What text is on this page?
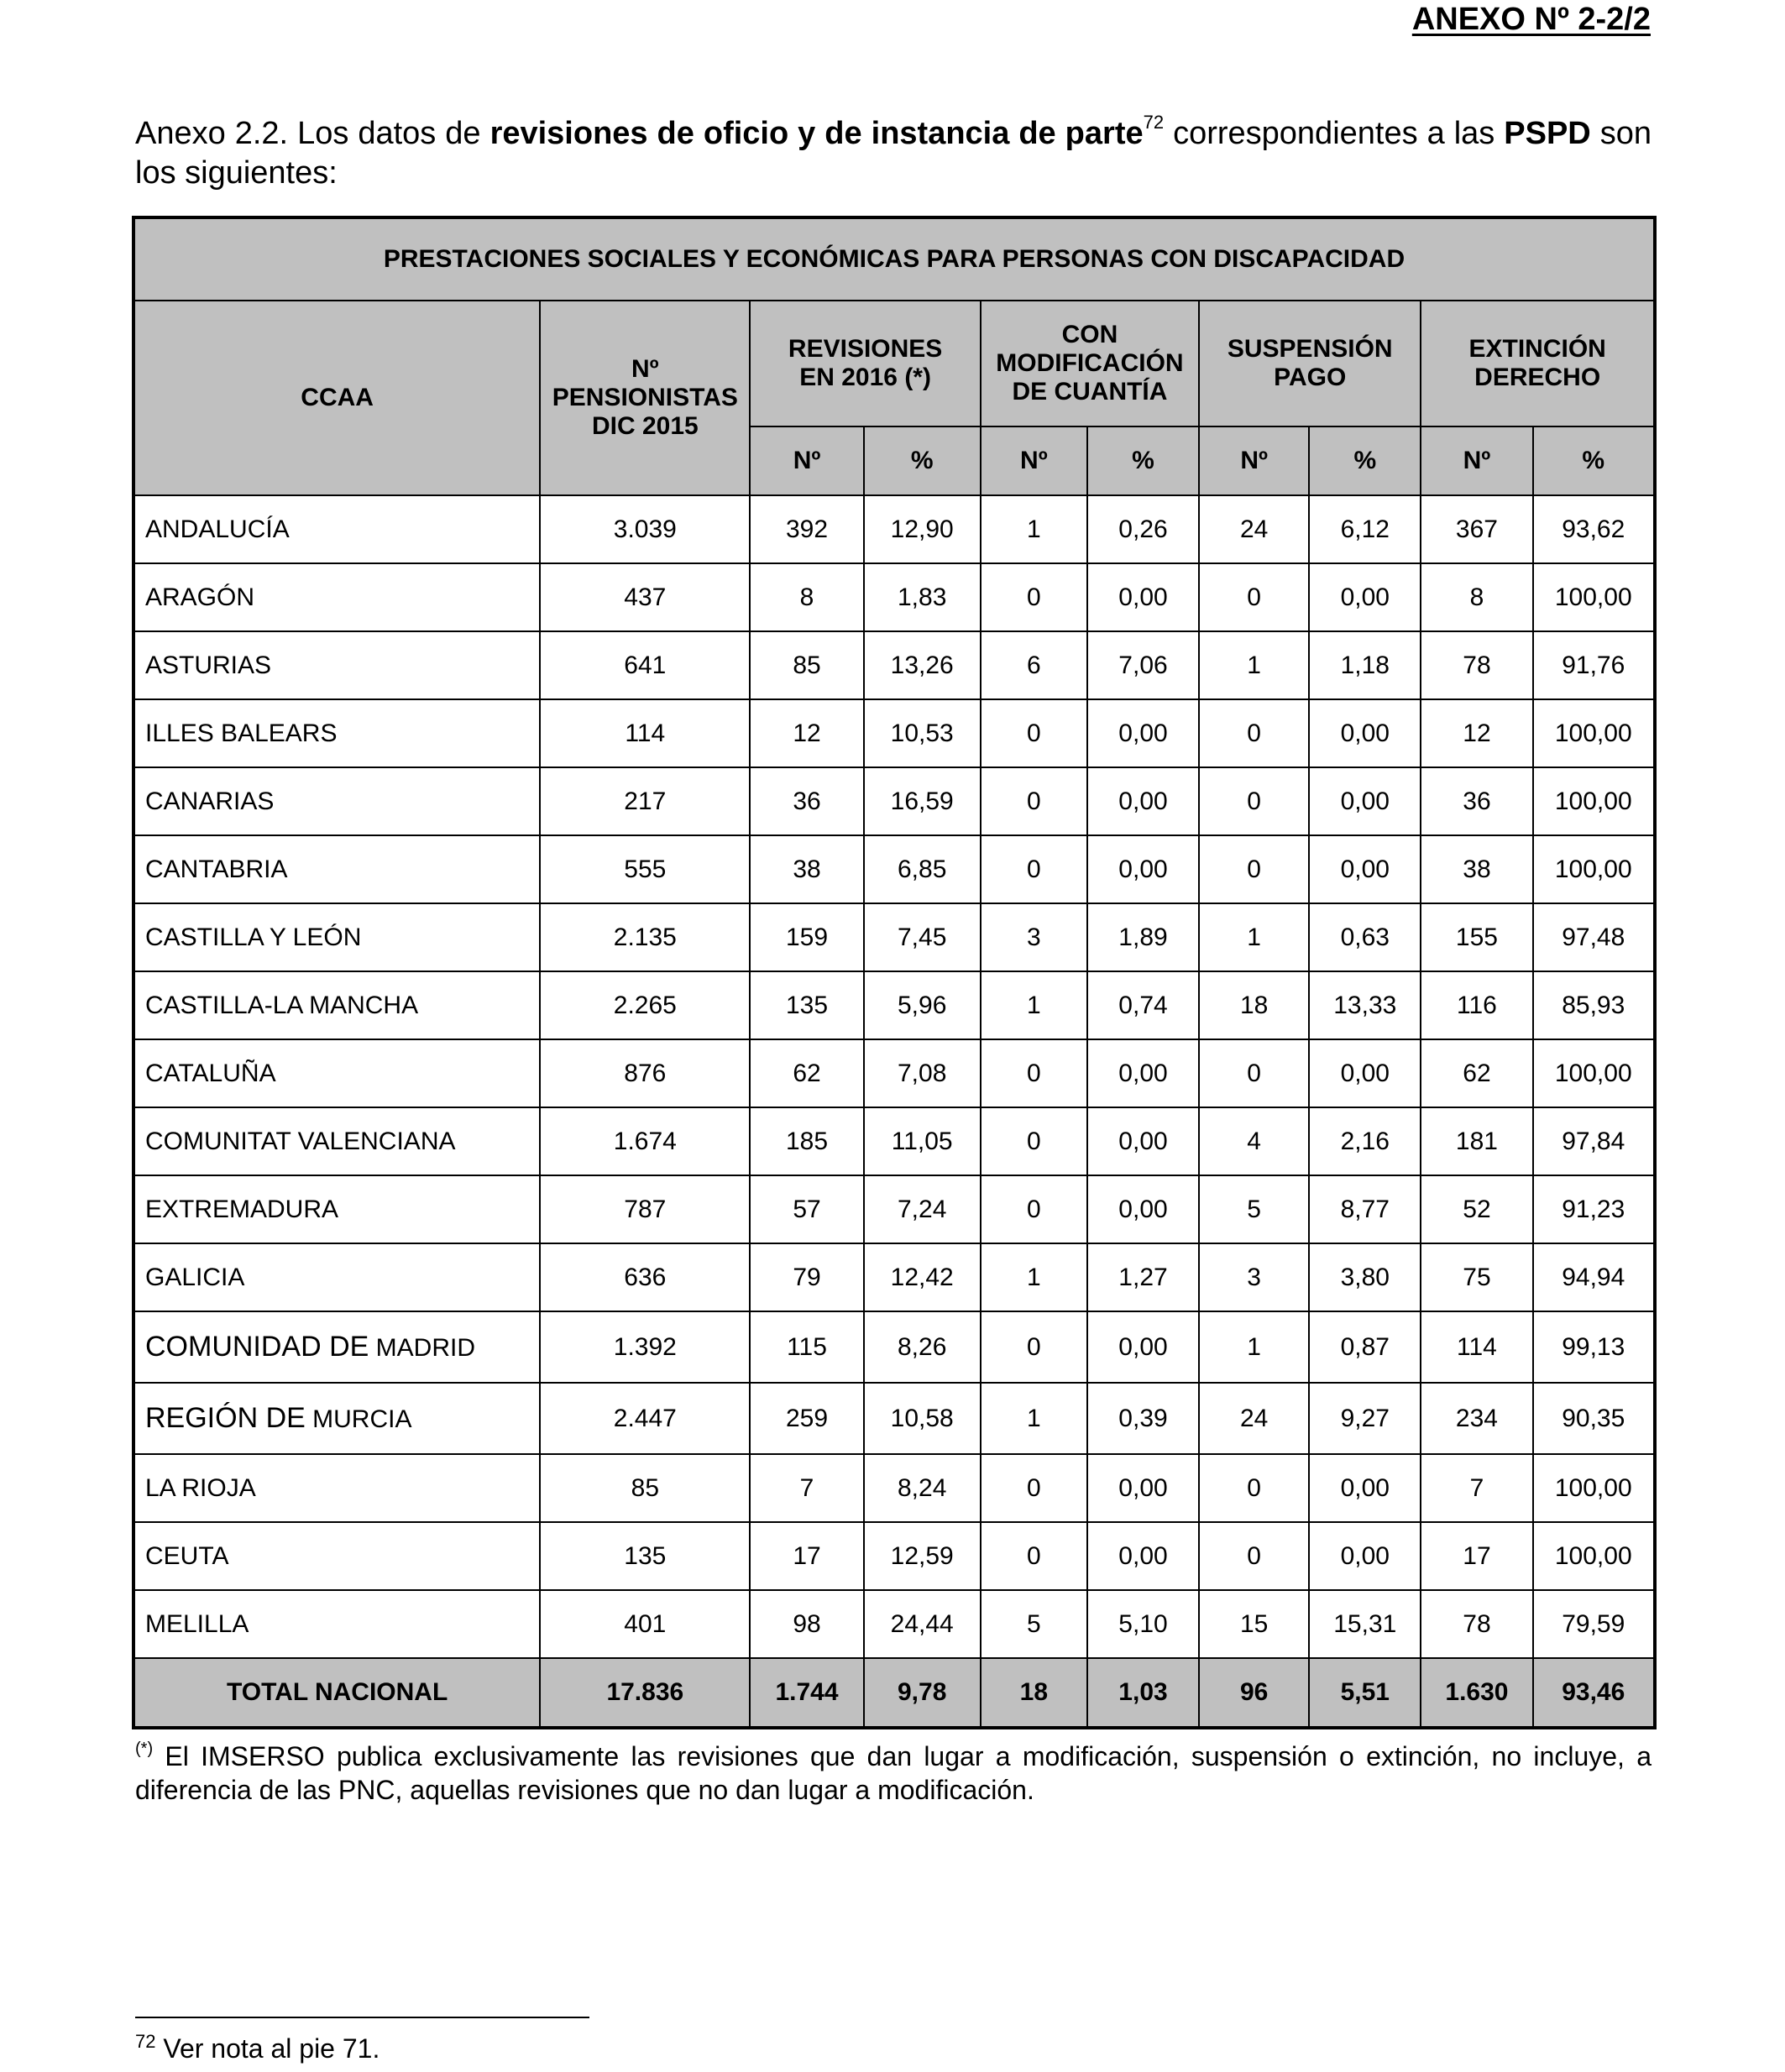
ANEXO Nº 2-2/2

Anexo 2.2. Los datos de revisiones de oficio y de instancia de parte$^{72}$ correspondientes a las PSPD son los siguientes:

PRESTACIONES SOCIALES Y ECONÓMICAS PARA PERSONAS CON DISCAPACIDAD									
CCAA	Nº PENSIONISTAS DIC 2015	REVISIONES EN 2016 (*)		CON MODIFICACIÓN DE CUANTÍA		SUSPENSIÓN PAGO		EXTINCIÓN DERECHO	
		Nº	%	Nº	%	Nº	%	Nº	%
ANDALUCÍA	3.039	392	12,90	1	0,26	24	6,12	367	93,62
ARAGÓN	437	8	1,83	0	0,00	0	0,00	8	100,00
ASTURIAS	641	85	13,26	6	7,06	1	1,18	78	91,76
ILLES BALEARS	114	12	10,53	0	0,00	0	0,00	12	100,00
CANARIAS	217	36	16,59	0	0,00	0	0,00	36	100,00
CANTABRIA	555	38	6,85	0	0,00	0	0,00	38	100,00
CASTILLA Y LEÓN	2.135	159	7,45	3	1,89	1	0,63	155	97,48
CASTILLA-LA MANCHA	2.265	135	5,96	1	0,74	18	13,33	116	85,93
CATALUÑA	876	62	7,08	0	0,00	0	0,00	62	100,00
COMUNITAT VALENCIANA	1.674	185	11,05	0	0,00	4	2,16	181	97,84
EXTREMADURA	787	57	7,24	0	0,00	5	8,77	52	91,23
GALICIA	636	79	12,42	1	1,27	3	3,80	75	94,94
COMUNIDAD DE MADRID	1.392	115	8,26	0	0,00	1	0,87	114	99,13
REGIÓN DE MURCIA	2.447	259	10,58	1	0,39	24	9,27	234	90,35
LA RIOJA	85	7	8,24	0	0,00	0	0,00	7	100,00
CEUTA	135	17	12,59	0	0,00	0	0,00	17	100,00
MELILLA	401	98	24,44	5	5,10	15	15,31	78	79,59
TOTAL NACIONAL	17.836	1.744	9,78	18	1,03	96	5,51	1.630	93,46

(*) El IMSERSO publica exclusivamente las revisiones que dan lugar a modificación, suspensión o extinción, no incluye, a diferencia de las PNC, aquellas revisiones que no dan lugar a modificación.

$^{72}$ Ver nota al pie 71.
